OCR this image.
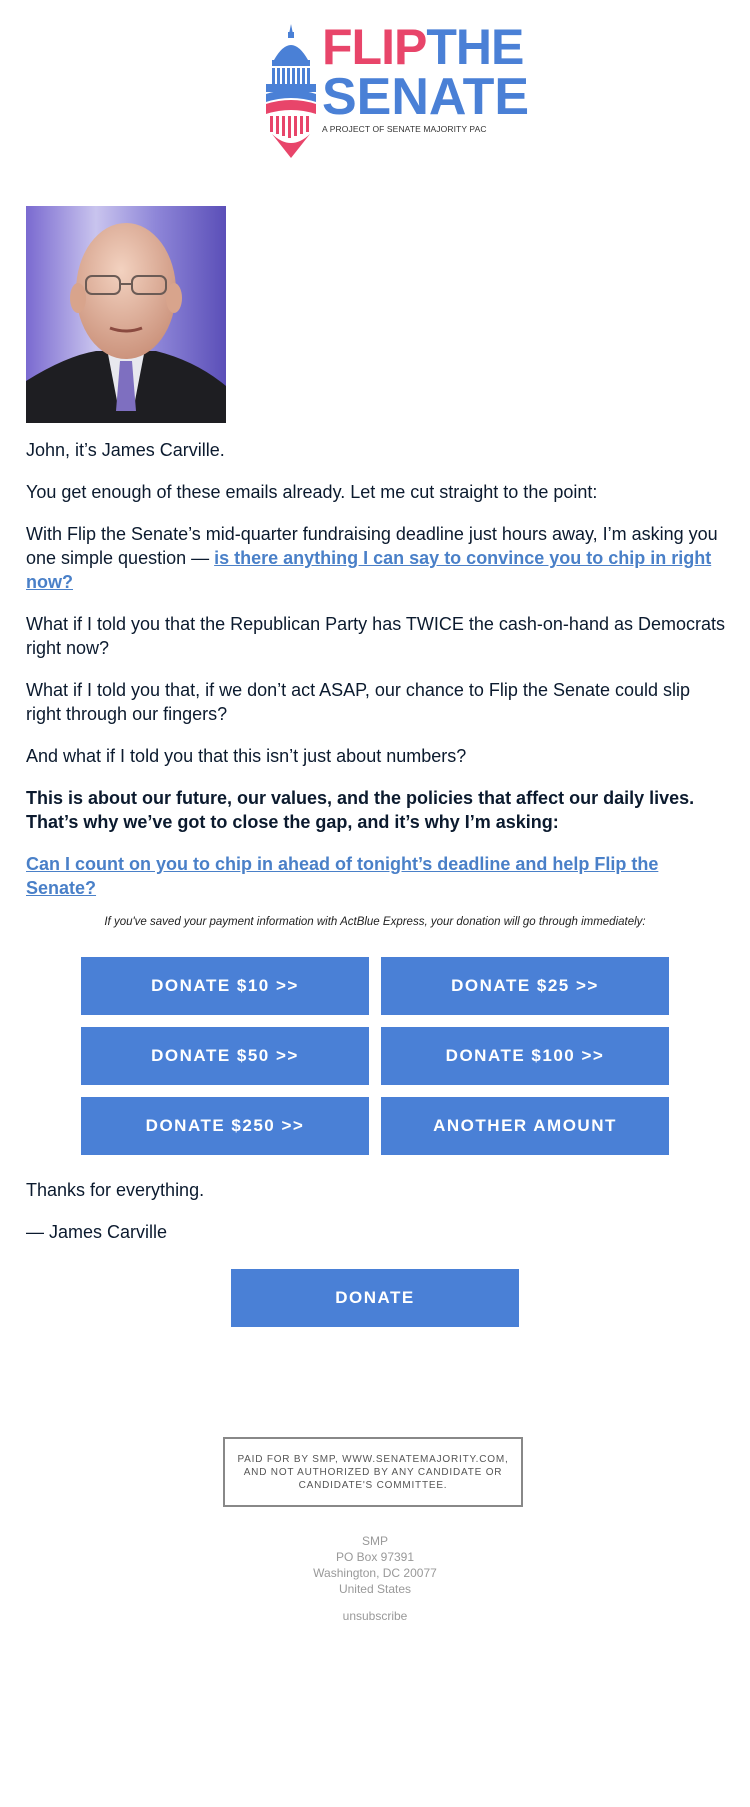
FLIPTHE
SENATE
A PROJECT OF SENATE MAJORITY PAC

John, it’s James Carville.

You get enough of these emails already. Let me cut straight to the point:

With Flip the Senate’s mid-quarter fundraising deadline just hours away, I’m asking you one simple question — is there anything I can say to convince you to chip in right now?

What if I told you that the Republican Party has TWICE the cash-on-hand as Democrats right now?

What if I told you that, if we don’t act ASAP, our chance to Flip the Senate could slip right through our fingers?

And what if I told you that this isn’t just about numbers?

This is about our future, our values, and the policies that affect our daily lives. That’s why we’ve got to close the gap, and it’s why I’m asking:

Can I count on you to chip in ahead of tonight’s deadline and help Flip the Senate?

If you've saved your payment information with ActBlue Express, your donation will go through immediately:
DONATE $10 >>	DONATE $25 >>
DONATE $50 >>	DONATE $100 >>
DONATE $250 >>	ANOTHER AMOUNT
Thanks for everything.
— James Carville
DONATE
PAID FOR BY SMP, WWW.SENATEMAJORITY.COM, AND NOT AUTHORIZED BY ANY CANDIDATE OR CANDIDATE'S COMMITTEE.
SMP
PO Box 97391
Washington, DC 20077
United States
unsubscribe
